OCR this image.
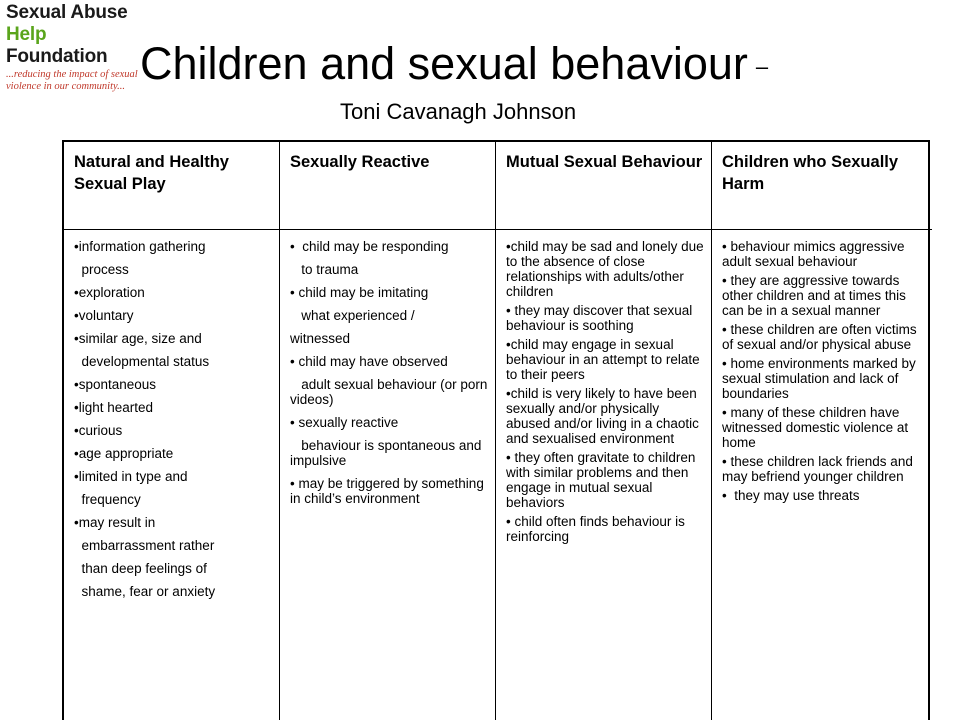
Sexual Abuse
Help
Foundation
...reducing the impact of sexual
violence in our community... Children and sexual behaviour –
Toni Cavanagh Johnson
Natural and Healthy Sexual Play
Sexually Reactive	Mutual Sexual Behaviour	Children who Sexually Harm

•information gathering

process

•exploration

•voluntary

•similar age, size and

developmental status

•spontaneous

•light hearted

•curious

•age appropriate

•limited in type and

frequency

•may result in

embarrassment rather

than deep feelings of

shame, fear or anxiety

•  child may be responding

to trauma

• child may be imitating

what experienced /

witnessed

• child may have observed

adult sexual behaviour (or porn videos)

• sexually reactive

behaviour is spontaneous and impulsive

• may be triggered by something in child’s environment

•child may be sad and lonely due to the absence of close relationships with adults/other children

• they may discover that sexual behaviour is soothing

•child may engage in sexual behaviour in an attempt to relate to their peers

•child is very likely to have been sexually and/or physically abused and/or living in a chaotic and sexualised environment

• they often gravitate to children with similar problems and then engage in mutual sexual behaviors

• child often finds behaviour is reinforcing

• behaviour mimics aggressive adult sexual behaviour

• they are aggressive towards other children and at times this can be in a sexual manner

• these children are often victims of sexual and/or physical abuse

• home environments marked by sexual stimulation and lack of boundaries

• many of these children have witnessed domestic violence at home

• these children lack friends and  may befriend younger children

•  they may use threats
